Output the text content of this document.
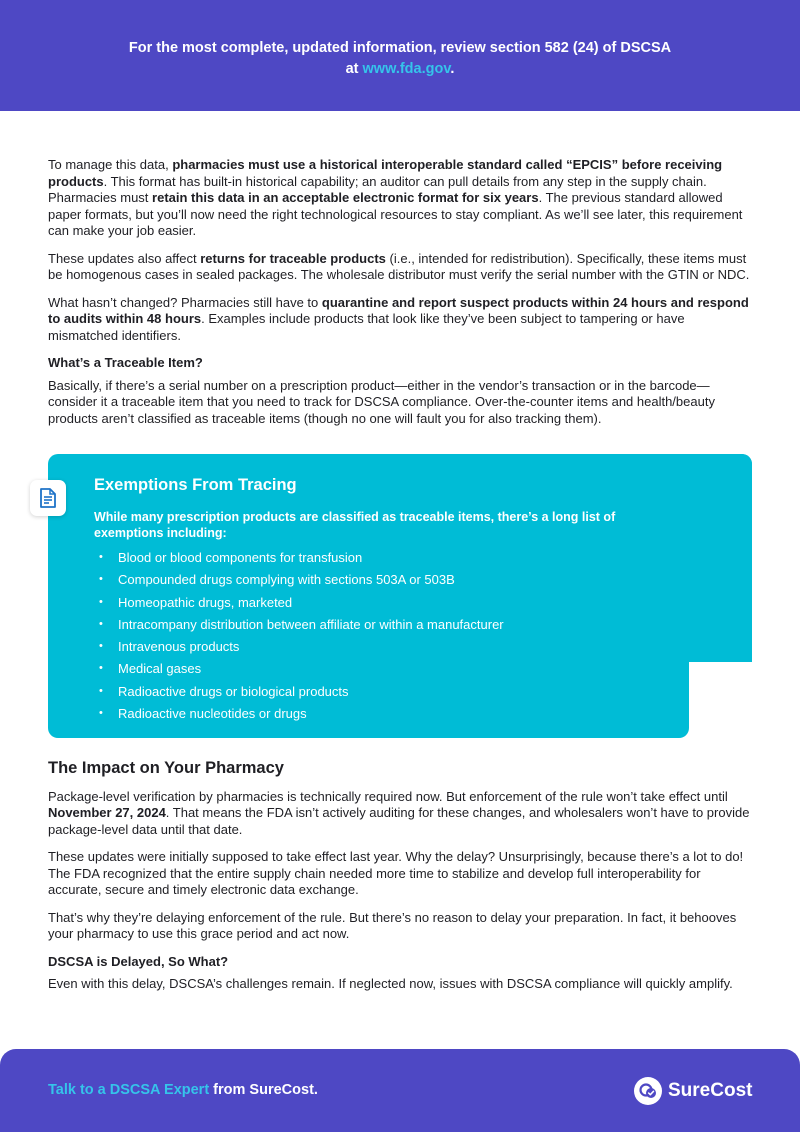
For the most complete, updated information, review section 582 (24) of DSCSA
at www.fda.gov.

To manage this data, pharmacies must use a historical interoperable standard called “EPCIS” before receiving products. This format has built-in historical capability; an auditor can pull details from any step in the supply chain. Pharmacies must retain this data in an acceptable electronic format for six years. The previous standard allowed paper formats, but you’ll now need the right technological resources to stay compliant. As we’ll see later, this requirement can make your job easier.

These updates also affect returns for traceable products (i.e., intended for redistribution). Specifically, these items must be homogenous cases in sealed packages. The wholesale distributor must verify the serial number with the GTIN or NDC.

What hasn’t changed? Pharmacies still have to quarantine and report suspect products within 24 hours and respond to audits within 48 hours. Examples include products that look like they’ve been subject to tampering or have mismatched identifiers.

What’s a Traceable Item?

Basically, if there’s a serial number on a prescription product—either in the vendor’s transaction or in the barcode—consider it a traceable item that you need to track for DSCSA compliance. Over-the-counter items and health/beauty products aren’t classified as traceable items (though no one will fault you for also tracking them).

Exemptions From Tracing
While many prescription products are classified as traceable items, there’s a long list of exemptions including:
• Blood or blood components for transfusion
• Compounded drugs complying with sections 503A or 503B
• Homeopathic drugs, marketed
• Intracompany distribution between affiliate or within a manufacturer
• Intravenous products
• Medical gases
• Radioactive drugs or biological products
• Radioactive nucleotides or drugs
The Impact on Your Pharmacy

Package-level verification by pharmacies is technically required now. But enforcement of the rule won’t take effect until November 27, 2024. That means the FDA isn’t actively auditing for these changes, and wholesalers won’t have to provide package-level data until that date.

These updates were initially supposed to take effect last year. Why the delay? Unsurprisingly, because there’s a lot to do! The FDA recognized that the entire supply chain needed more time to stabilize and develop full interoperability for accurate, secure and timely electronic data exchange.

That’s why they’re delaying enforcement of the rule. But there’s no reason to delay your preparation. In fact, it behooves your pharmacy to use this grace period and act now.

DSCSA is Delayed, So What?

Even with this delay, DSCSA’s challenges remain. If neglected now, issues with DSCSA compliance will quickly amplify.

Talk to a DSCSA Expert from SureCost.	SureCost
